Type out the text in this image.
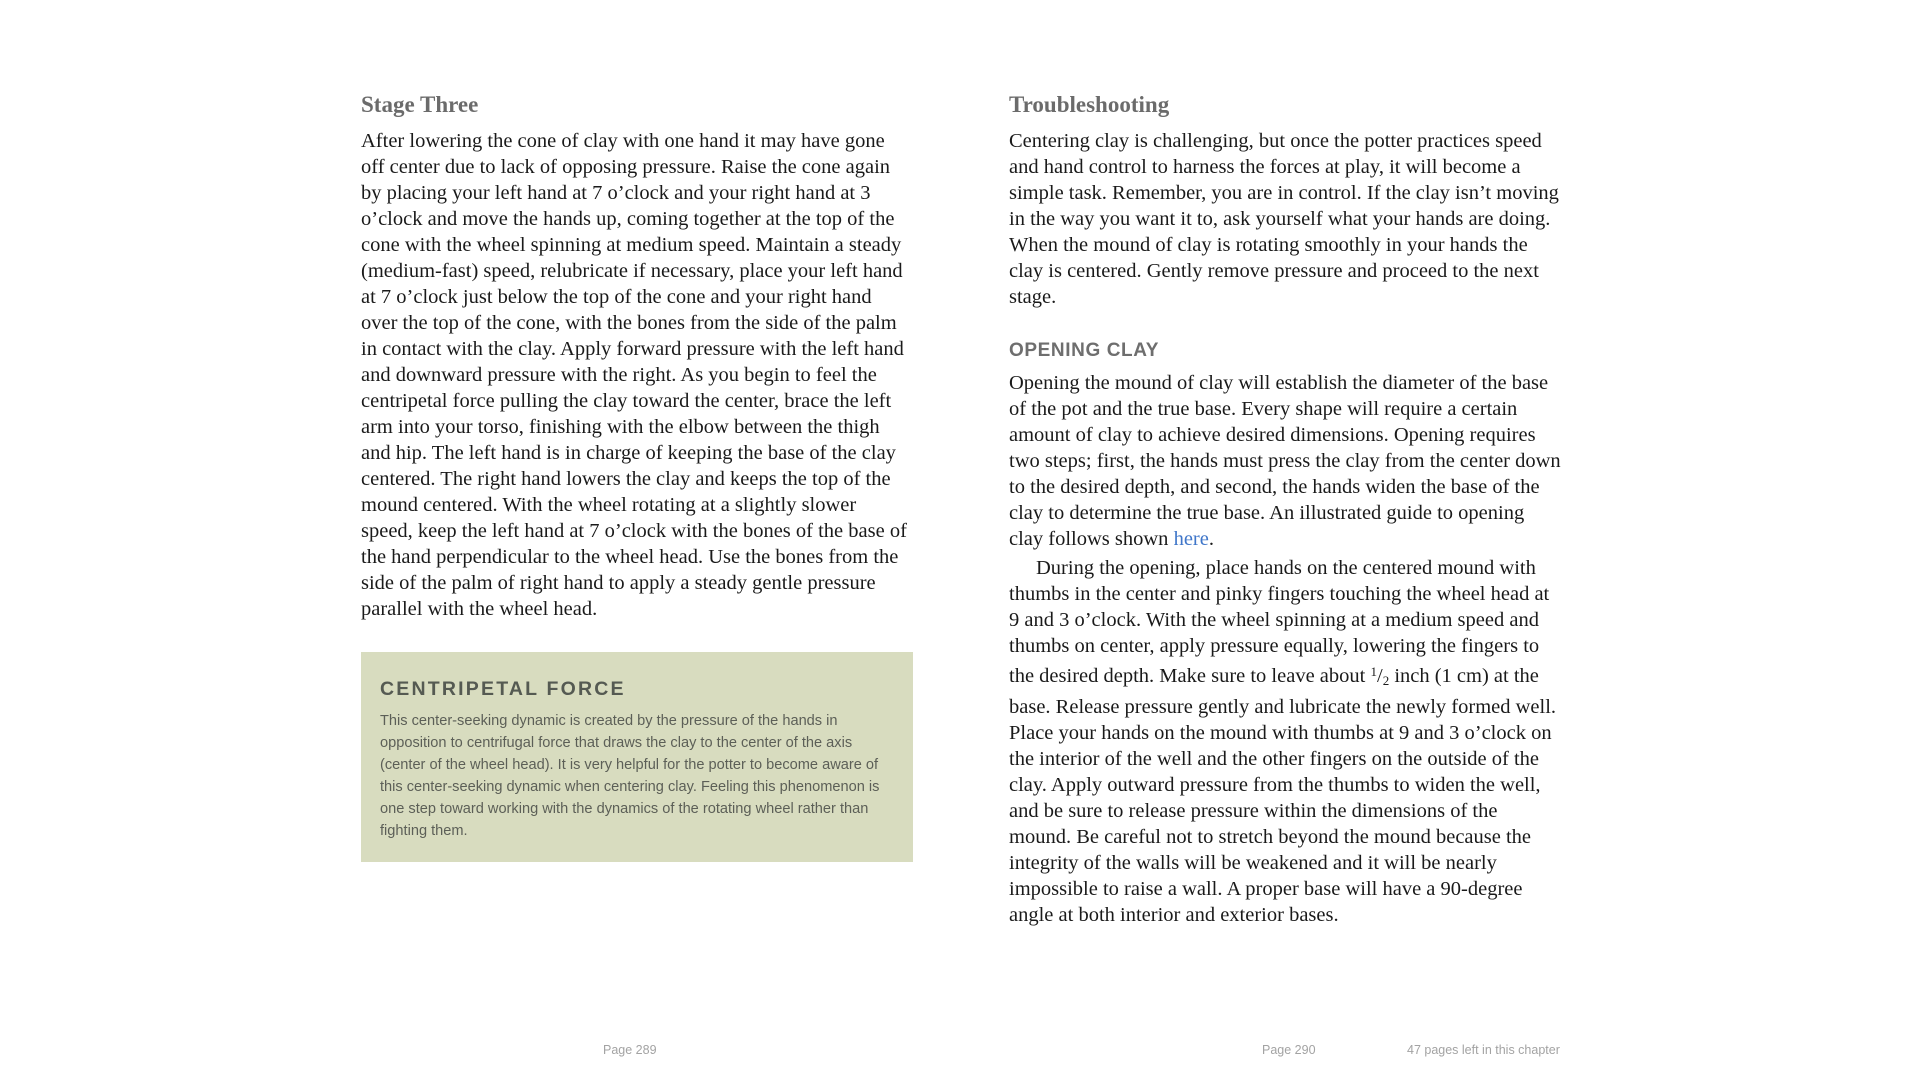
Stage Three

After lowering the cone of clay with one hand it may have gone off center due to lack of opposing pressure. Raise the cone again by placing your left hand at 7 o’clock and your right hand at 3 o’clock and move the hands up, coming together at the top of the cone with the wheel spinning at medium speed. Maintain a steady (medium-fast) speed, relubricate if necessary, place your left hand at 7 o’clock just below the top of the cone and your right hand over the top of the cone, with the bones from the side of the palm in contact with the clay. Apply forward pressure with the left hand and downward pressure with the right. As you begin to feel the centripetal force pulling the clay toward the center, brace the left arm into your torso, finishing with the elbow between the thigh and hip. The left hand is in charge of keeping the base of the clay centered. The right hand lowers the clay and keeps the top of the mound centered. With the wheel rotating at a slightly slower speed, keep the left hand at 7 o’clock with the bones of the base of the hand perpendicular to the wheel head. Use the bones from the side of the palm of right hand to apply a steady gentle pressure parallel with the wheel head.

CENTRIPETAL FORCE

This center-seeking dynamic is created by the pressure of the hands in opposition to centrifugal force that draws the clay to the center of the axis (center of the wheel head). It is very helpful for the potter to become aware of this center-seeking dynamic when centering clay. Feeling this phenomenon is one step toward working with the dynamics of the rotating wheel rather than fighting them.

Troubleshooting

Centering clay is challenging, but once the potter practices speed and hand control to harness the forces at play, it will become a simple task. Remember, you are in control. If the clay isn’t moving in the way you want it to, ask yourself what your hands are doing. When the mound of clay is rotating smoothly in your hands the clay is centered. Gently remove pressure and proceed to the next stage.

OPENING CLAY

Opening the mound of clay will establish the diameter of the base of the pot and the true base. Every shape will require a certain amount of clay to achieve desired dimensions. Opening requires two steps; first, the hands must press the clay from the center down to the desired depth, and second, the hands widen the base of the clay to determine the true base. An illustrated guide to opening clay follows shown here.

During the opening, place hands on the centered mound with thumbs in the center and pinky fingers touching the wheel head at 9 and 3 o’clock. With the wheel spinning at a medium speed and thumbs on center, apply pressure equally, lowering the fingers to the desired depth. Make sure to leave about $^1/_2$ inch (1 cm) at the base. Release pressure gently and lubricate the newly formed well. Place your hands on the mound with thumbs at 9 and 3 o’clock on the interior of the well and the other fingers on the outside of the clay. Apply outward pressure from the thumbs to widen the well, and be sure to release pressure within the dimensions of the mound. Be careful not to stretch beyond the mound because the integrity of the walls will be weakened and it will be nearly impossible to raise a wall. A proper base will have a 90-degree angle at both interior and exterior bases.

Page 289	Page 290	47 pages left in this chapter
